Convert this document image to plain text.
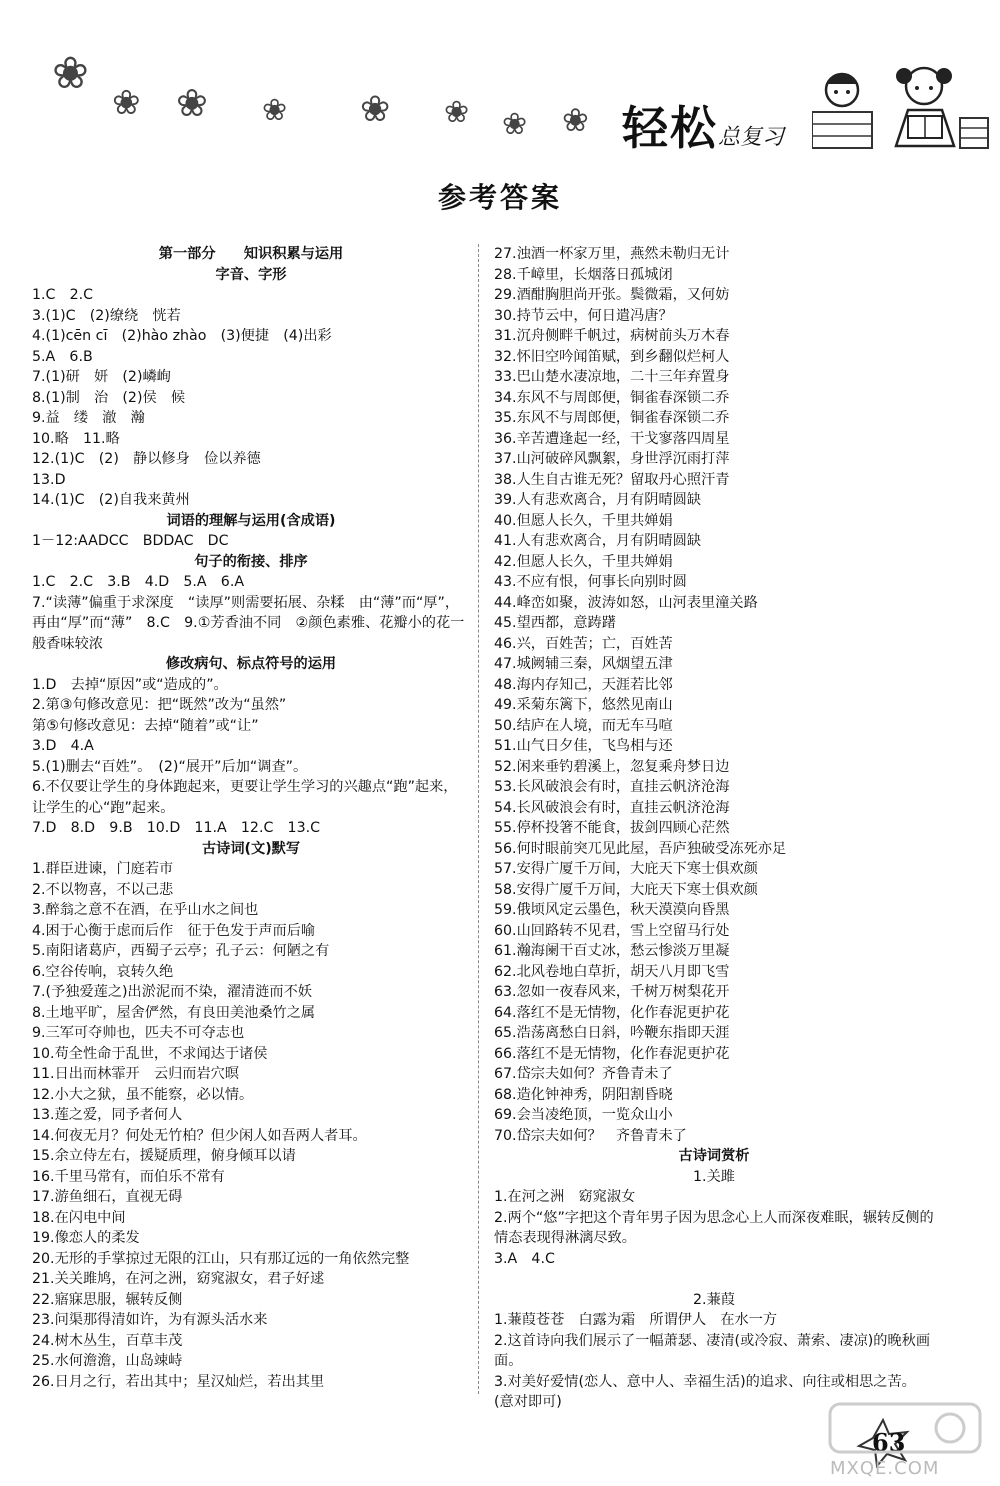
❀
❀ ❀ ❀ ❀ ❀ ❀ ❀ 轻松总复习
参考答案
第一部分　　知识积累与运用
字音、字形
1.C　2.C
3.(1)C　(2)缭绕　恍若
4.(1)cēn cī　(2)hào zhào　(3)便捷　(4)出彩
5.A　6.B
7.(1)研　妍　(2)嶙峋
8.(1)制　治　(2)侯　候
9.益　缕　澈　瀚
10.略　11.略
12.(1)C　(2)　静以修身　俭以养德
13.D
14.(1)C　(2)自我来黄州
词语的理解与运用(含成语)
1－12:AADCC　BDDAC　DC
句子的衔接、排序
1.C　2.C　3.B　4.D　5.A　6.A
7.“读薄”偏重于求深度　“读厚”则需要拓展、杂糅　由“薄”而“厚”，再由“厚”而“薄”　8.C　9.①芳香油不同　②颜色素雅、花瓣小的花一般香味较浓
修改病句、标点符号的运用
1.D　去掉“原因”或“造成的”。
2.第③句修改意见：把“既然”改为“虽然”
第⑤句修改意见：去掉“随着”或“让”
3.D　4.A
5.(1)删去“百姓”。　(2)“展开”后加“调查”。
6.不仅要让学生的身体跑起来，更要让学生学习的兴趣点“跑”起来，让学生的心“跑”起来。
7.D　8.D　9.B　10.D　11.A　12.C　13.C
古诗词(文)默写
1.群臣进谏，门庭若市
2.不以物喜，不以己悲
3.醉翁之意不在酒，在乎山水之间也
4.困于心衡于虑而后作　征于色发于声而后喻
5.南阳诸葛庐，西蜀子云亭；孔子云：何陋之有
6.空谷传响，哀转久绝
7.(予独爱莲之)出淤泥而不染，濯清涟而不妖
8.土地平旷，屋舍俨然，有良田美池桑竹之属
9.三军可夺帅也，匹夫不可夺志也
10.苟全性命于乱世，不求闻达于诸侯
11.日出而林霏开　云归而岩穴暝
12.小大之狱，虽不能察，必以情。
13.莲之爱，同予者何人
14.何夜无月？何处无竹柏？但少闲人如吾两人者耳。
15.余立侍左右，援疑质理，俯身倾耳以请
16.千里马常有，而伯乐不常有
17.游鱼细石，直视无碍
18.在闪电中间
19.像恋人的柔发
20.无形的手掌掠过无限的江山，只有那辽远的一角依然完整
21.关关雎鸠，在河之洲，窈窕淑女，君子好逑
22.寤寐思服，辗转反侧
23.问渠那得清如许，为有源头活水来
24.树木丛生，百草丰茂
25.水何澹澹，山岛竦峙
26.日月之行，若出其中；星汉灿烂，若出其里
27.浊酒一杯家万里，燕然未勒归无计
28.千嶂里，长烟落日孤城闭
29.酒酣胸胆尚开张。鬓微霜，又何妨
30.持节云中，何日遣冯唐？
31.沉舟侧畔千帆过，病树前头万木春
32.怀旧空吟闻笛赋，到乡翻似烂柯人
33.巴山楚水凄凉地，二十三年弃置身
34.东风不与周郎便，铜雀春深锁二乔
35.东风不与周郎便，铜雀春深锁二乔
36.辛苦遭逢起一经，干戈寥落四周星
37.山河破碎风飘絮，身世浮沉雨打萍
38.人生自古谁无死？留取丹心照汗青
39.人有悲欢离合，月有阴晴圆缺
40.但愿人长久，千里共婵娟
41.人有悲欢离合，月有阴晴圆缺
42.但愿人长久，千里共婵娟
43.不应有恨，何事长向别时圆
44.峰峦如聚，波涛如怒，山河表里潼关路
45.望西都，意踌躇
46.兴，百姓苦；亡，百姓苦
47.城阙辅三秦，风烟望五津
48.海内存知己，天涯若比邻
49.采菊东篱下，悠然见南山
50.结庐在人境，而无车马喧
51.山气日夕佳，飞鸟相与还
52.闲来垂钓碧溪上，忽复乘舟梦日边
53.长风破浪会有时，直挂云帆济沧海
54.长风破浪会有时，直挂云帆济沧海
55.停杯投箸不能食，拔剑四顾心茫然
56.何时眼前突兀见此屋，吾庐独破受冻死亦足
57.安得广厦千万间，大庇天下寒士俱欢颜
58.安得广厦千万间，大庇天下寒士俱欢颜
59.俄顷风定云墨色，秋天漠漠向昏黑
60.山回路转不见君，雪上空留马行处
61.瀚海阑干百丈冰，愁云惨淡万里凝
62.北风卷地白草折，胡天八月即飞雪
63.忽如一夜春风来，千树万树梨花开
64.落红不是无情物，化作春泥更护花
65.浩荡离愁白日斜，吟鞭东指即天涯
66.落红不是无情物，化作春泥更护花
67.岱宗夫如何？齐鲁青未了
68.造化钟神秀，阴阳割昏晓
69.会当凌绝顶，一览众山小
70.岱宗夫如何？　齐鲁青未了
古诗词赏析
1.关雎
1.在河之洲　窈窕淑女
2.两个“悠”字把这个青年男子因为思念心上人而深夜难眠，辗转反侧的情态表现得淋漓尽致。
3.A　4.C
2.蒹葭
1.蒹葭苍苍　白露为霜　所谓伊人　在水一方
2.这首诗向我们展示了一幅萧瑟、凄清(或冷寂、萧索、凄凉)的晚秋画面。
3.对美好爱情(恋人、意中人、幸福生活)的追求、向往或相思之苦。(意对即可)
63
MXQE.COM
